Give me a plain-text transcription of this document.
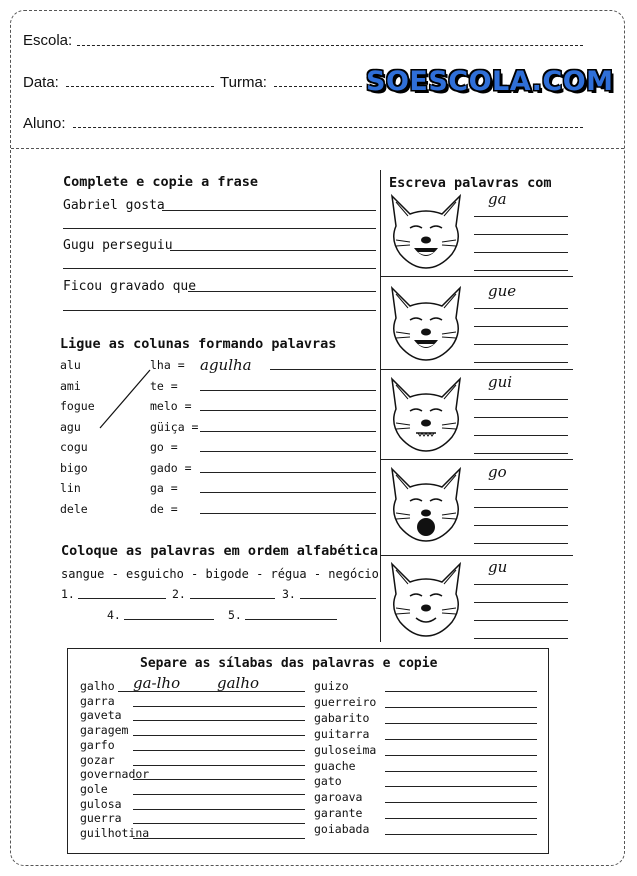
Escola:
Data:	Turma:	SOESCOLA.COM
Aluno:
Complete e copie a frase
Gabriel gosta
Gugu perseguiu
Ficou gravado que
Ligue as colunas formando palavras
alu	lha =
ami	te =
fogue	melo =
agu	güiça =
cogu	go =
bigo	gado =
lin	ga =
dele	de =
agulha
Coloque as palavras em ordem alfabética
sangue - esguicho - bigode - régua - negócio
1.	2.	3.
4.	5.
Escreva palavras com
ga
gue
gui
go
gu
Separe as sílabas das palavras e copie
galho
garra
gaveta
garagem
garfo
gozar
governador
gole
gulosa
guerra
guilhotina
guizo
guerreiro
gabarito
guitarra
guloseima
guache
gato
garoava
garante
goiabada
ga-lho galho
